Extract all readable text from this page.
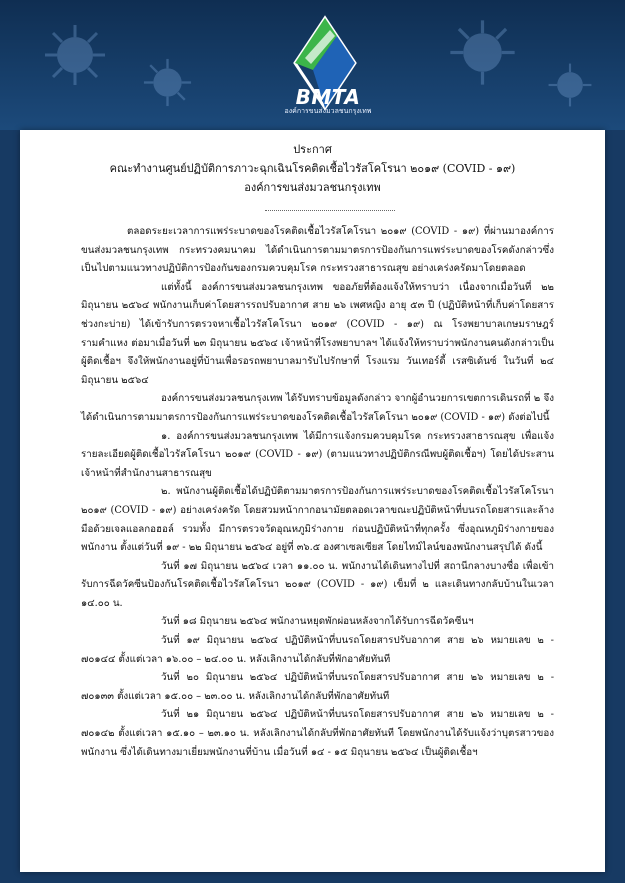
BMTA
องค์การขนส่งมวลชนกรุงเทพ
ประกาศ
คณะทำงานศูนย์ปฏิบัติการภาวะฉุกเฉินโรคติดเชื้อไวรัสโคโรนา ๒๐๑๙ (COVID - ๑๙)
องค์การขนส่งมวลชนกรุงเทพ

ตลอดระยะเวลาการแพร่ระบาดของโรคติดเชื้อไวรัสโคโรนา ๒๐๑๙ (COVID - ๑๙) ที่ผ่านมาองค์การขนส่งมวลชนกรุงเทพ กระทรวงคมนาคม ได้ดำเนินการตามมาตรการป้องกันการแพร่ระบาดของโรคดังกล่าวซึ่งเป็นไปตามแนวทางปฏิบัติการป้องกันของกรมควบคุมโรค กระทรวงสาธารณสุข อย่างเคร่งครัดมาโดยตลอด

แต่ทั้งนี้ องค์การขนส่งมวลชนกรุงเทพ ขออภัยที่ต้องแจ้งให้ทราบว่า เนื่องจากเมื่อวันที่ ๒๒ มิถุนายน ๒๕๖๔ พนักงานเก็บค่าโดยสารรถปรับอากาศ สาย ๒๖ เพศหญิง อายุ ๕๓ ปี (ปฏิบัติหน้าที่เก็บค่าโดยสารช่วงกะบ่าย) ได้เข้ารับการตรวจหาเชื้อไวรัสโคโรนา ๒๐๑๙ (COVID - ๑๙) ณ โรงพยาบาลเกษมราษฎร์ รามคำแหง ต่อมาเมื่อวันที่ ๒๓ มิถุนายน ๒๕๖๔ เจ้าหน้าที่โรงพยาบาลฯ ได้แจ้งให้ทราบว่าพนักงานคนดังกล่าวเป็นผู้ติดเชื้อฯ จึงให้พนักงานอยู่ที่บ้านเพื่อรอรถพยาบาลมารับไปรักษาที่ โรงแรม วันเทอร์ดี้ เรสซิเด้นซ์ ในวันที่ ๒๔ มิถุนายน ๒๕๖๔

องค์การขนส่งมวลชนกรุงเทพ ได้รับทราบข้อมูลดังกล่าว จากผู้อำนวยการเขตการเดินรถที่ ๒ จึงได้ดำเนินการตามมาตรการป้องกันการแพร่ระบาดของโรคติดเชื้อไวรัสโคโรนา ๒๐๑๙ (COVID - ๑๙) ดังต่อไปนี้

๑. องค์การขนส่งมวลชนกรุงเทพ ได้มีการแจ้งกรมควบคุมโรค กระทรวงสาธารณสุข เพื่อแจ้งรายละเอียดผู้ติดเชื้อไวรัสโคโรนา ๒๐๑๙ (COVID - ๑๙) (ตามแนวทางปฏิบัติกรณีพบผู้ติดเชื้อฯ) โดยได้ประสานเจ้าหน้าที่สำนักงานสาธารณสุข

๒. พนักงานผู้ติดเชื้อได้ปฏิบัติตามมาตรการป้องกันการแพร่ระบาดของโรคติดเชื้อไวรัสโคโรนา ๒๐๑๙ (COVID - ๑๙) อย่างเคร่งครัด โดยสวมหน้ากากอนามัยตลอดเวลาขณะปฏิบัติหน้าที่บนรถโดยสารและล้างมือด้วยเจลแอลกอฮอล์ รวมทั้ง มีการตรวจวัดอุณหภูมิร่างกาย ก่อนปฏิบัติหน้าที่ทุกครั้ง ซึ่งอุณหภูมิร่างกายของพนักงาน ตั้งแต่วันที่ ๑๙ - ๒๒ มิถุนายน ๒๕๖๔ อยู่ที่ ๓๖.๕ องศาเซลเซียส โดยไทม์ไลน์ของพนักงานสรุปได้ ดังนี้

วันที่ ๑๗ มิถุนายน ๒๕๖๔ เวลา ๑๑.๐๐ น. พนักงานได้เดินทางไปที่ สถานีกลางบางซื่อ เพื่อเข้ารับการฉีดวัคซีนป้องกันโรคติดเชื้อไวรัสโคโรนา ๒๐๑๙ (COVID - ๑๙) เข็มที่ ๒ และเดินทางกลับบ้านในเวลา ๑๔.๐๐ น.

วันที่ ๑๘ มิถุนายน ๒๕๖๔ พนักงานหยุดพักผ่อนหลังจากได้รับการฉีดวัคซีนฯ

วันที่ ๑๙ มิถุนายน ๒๕๖๔ ปฏิบัติหน้าที่บนรถโดยสารปรับอากาศ สาย ๒๖ หมายเลข ๒ - ๗๐๑๔๔ ตั้งแต่เวลา ๑๖.๐๐ – ๒๔.๐๐ น. หลังเลิกงานได้กลับที่พักอาศัยทันที

วันที่ ๒๐ มิถุนายน ๒๕๖๔ ปฏิบัติหน้าที่บนรถโดยสารปรับอากาศ สาย ๒๖ หมายเลข ๒ - ๗๐๑๓๓ ตั้งแต่เวลา ๑๕.๐๐ – ๒๓.๐๐ น. หลังเลิกงานได้กลับที่พักอาศัยทันที

วันที่ ๒๑ มิถุนายน ๒๕๖๔ ปฏิบัติหน้าที่บนรถโดยสารปรับอากาศ สาย ๒๖ หมายเลข ๒ - ๗๐๑๔๒ ตั้งแต่เวลา ๑๕.๑๐ – ๒๓.๑๐ น. หลังเลิกงานได้กลับที่พักอาศัยทันที โดยพนักงานได้รับแจ้งว่าบุตรสาวของพนักงาน ซึ่งได้เดินทางมาเยี่ยมพนักงานที่บ้าน เมื่อวันที่ ๑๔ - ๑๕ มิถุนายน ๒๕๖๔ เป็นผู้ติดเชื้อฯ
